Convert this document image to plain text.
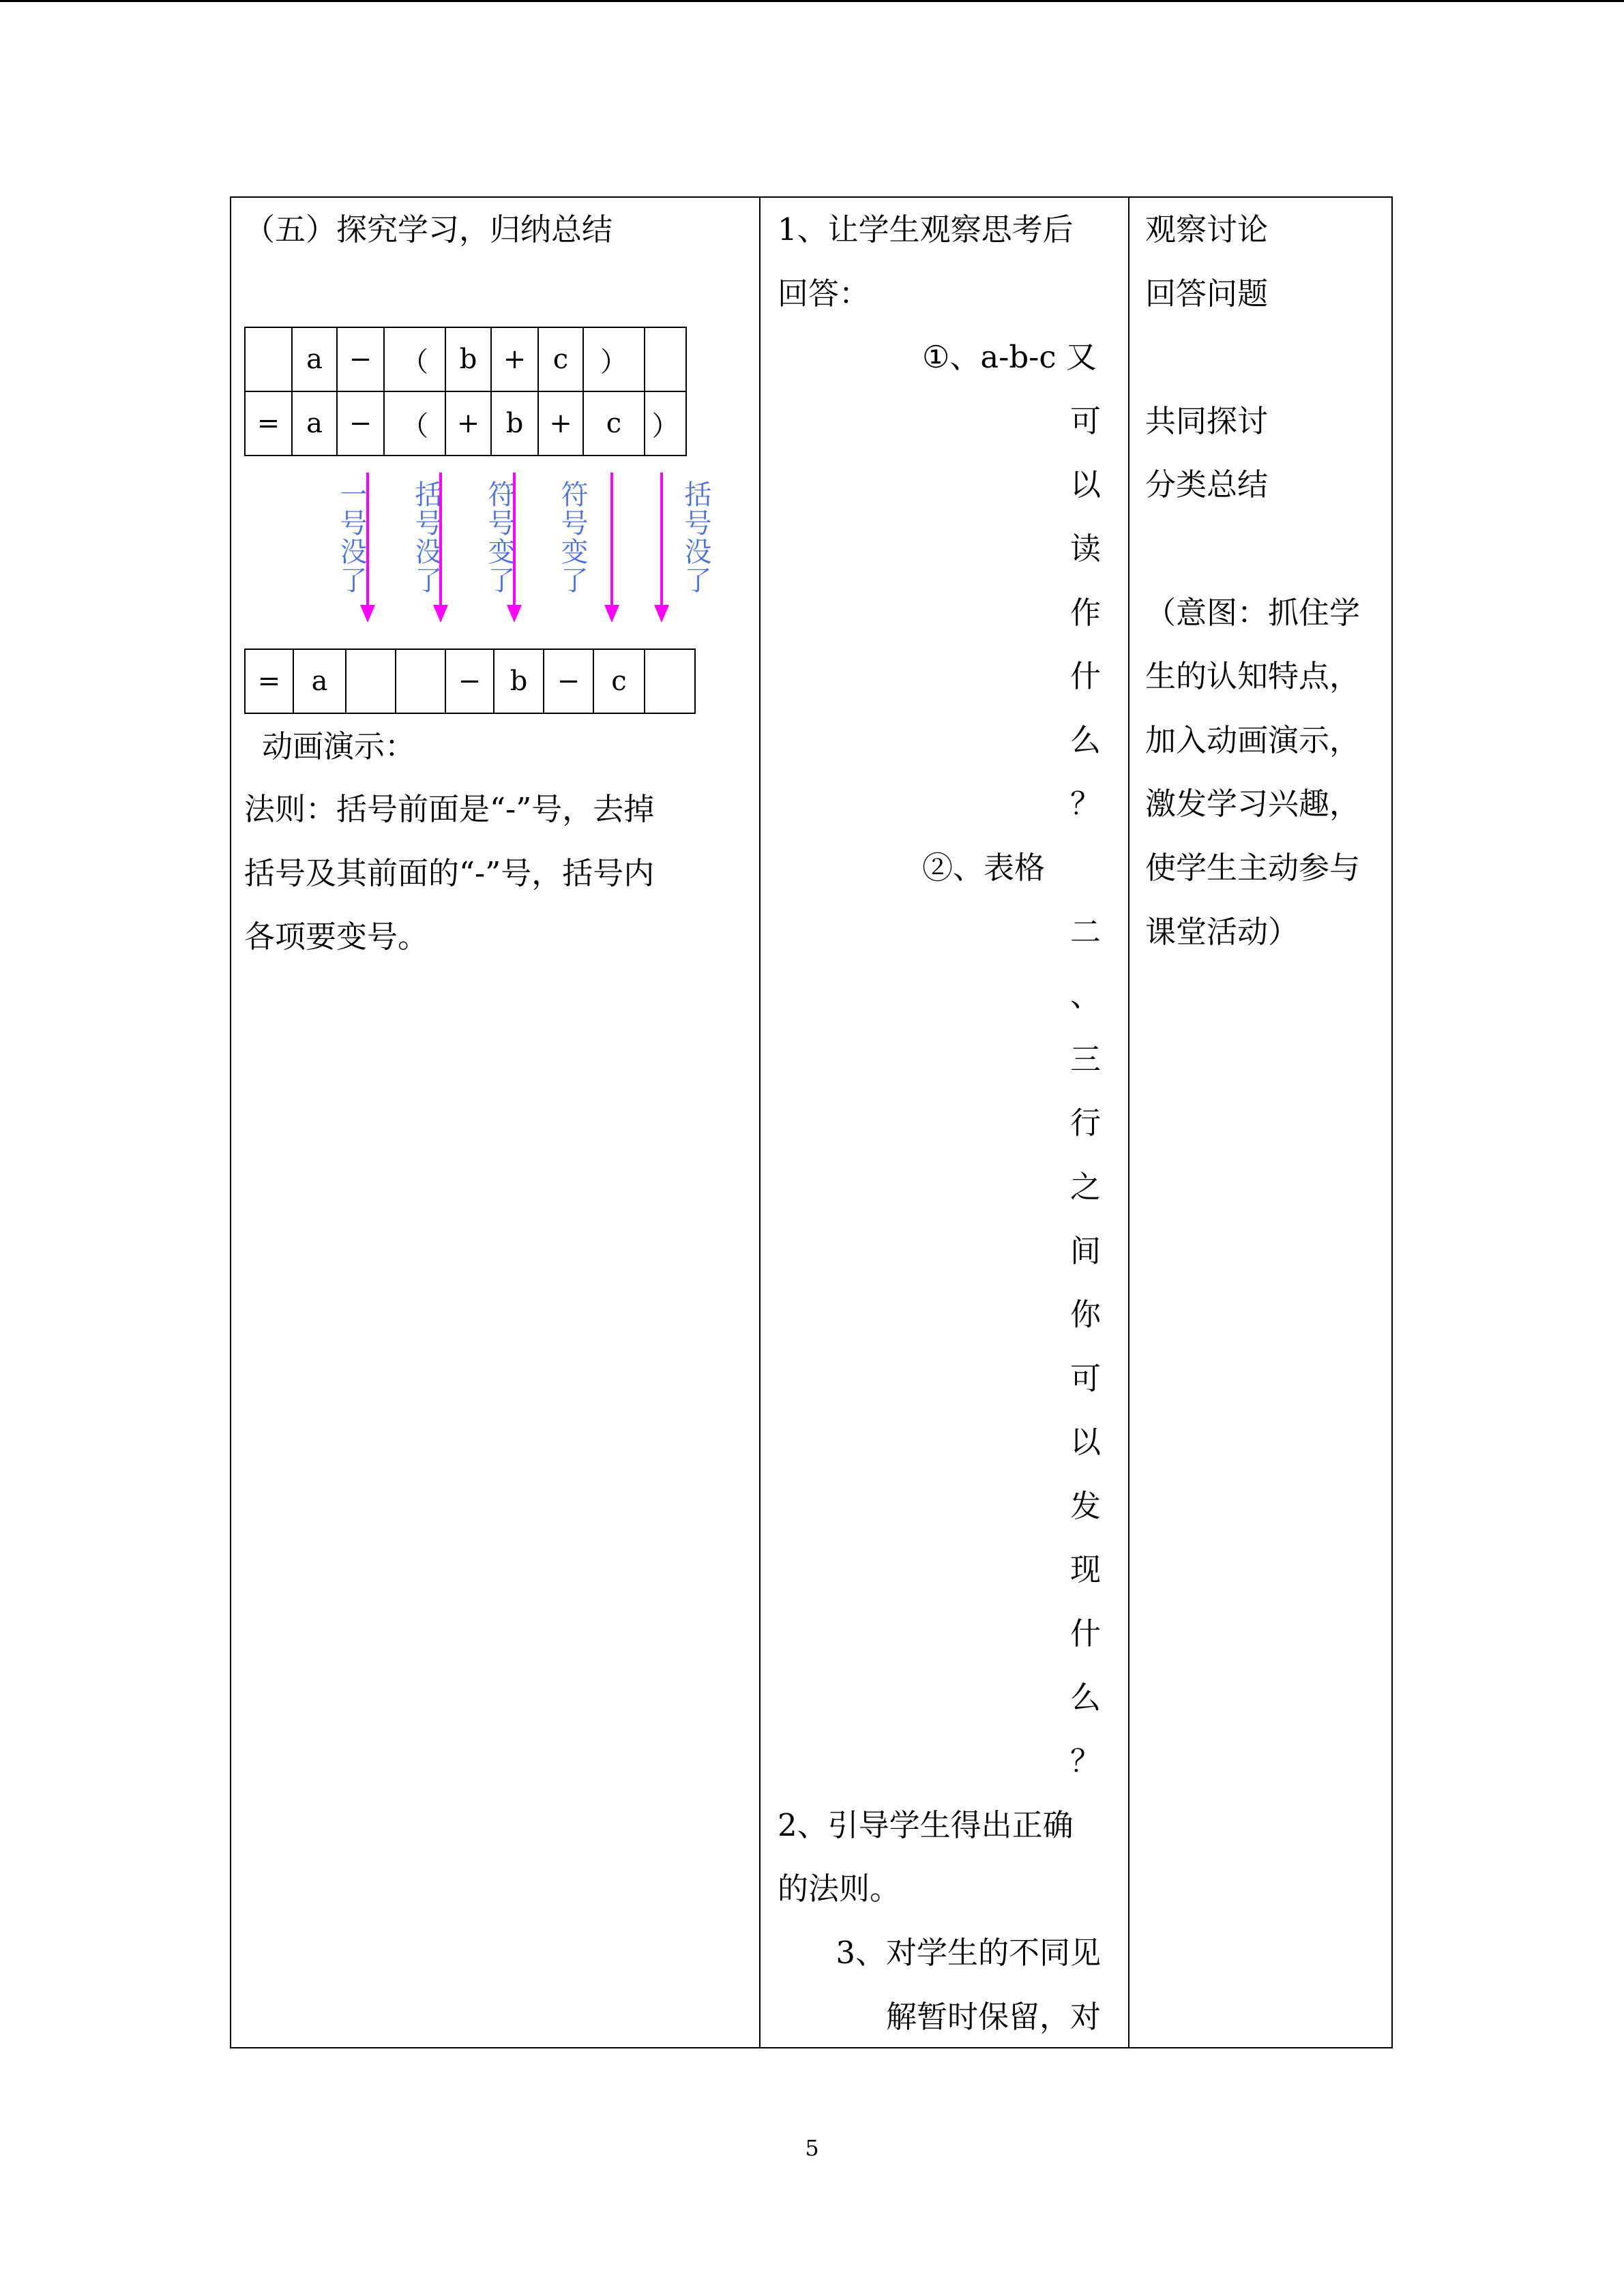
（五）探究学习，归纳总结
	a	−	（	b	+	c	）	
=	a	−	（	+	b	+	c	）
一号没了 括号没了 符号变了 符号变了	括号没了
=	a			−	b	−	c	
动画演示：
法则：括号前面是“-”号，去掉
括号及其前面的“-”号，括号内
各项要变号。
1、让学生观察思考后
回答：
①、a-b-c 又
可
以
读
作
什
么
？
②、表格
二
、
三
行
之
间
你
可
以
发
现
什
么
？
2、引导学生得出正确
的法则。
3、对学生的不同见
解暂时保留，对
观察讨论
回答问题
共同探讨
分类总结
（意图：抓住学
生的认知特点，
加入动画演示，
激发学习兴趣，
使学生主动参与
课堂活动）
5
